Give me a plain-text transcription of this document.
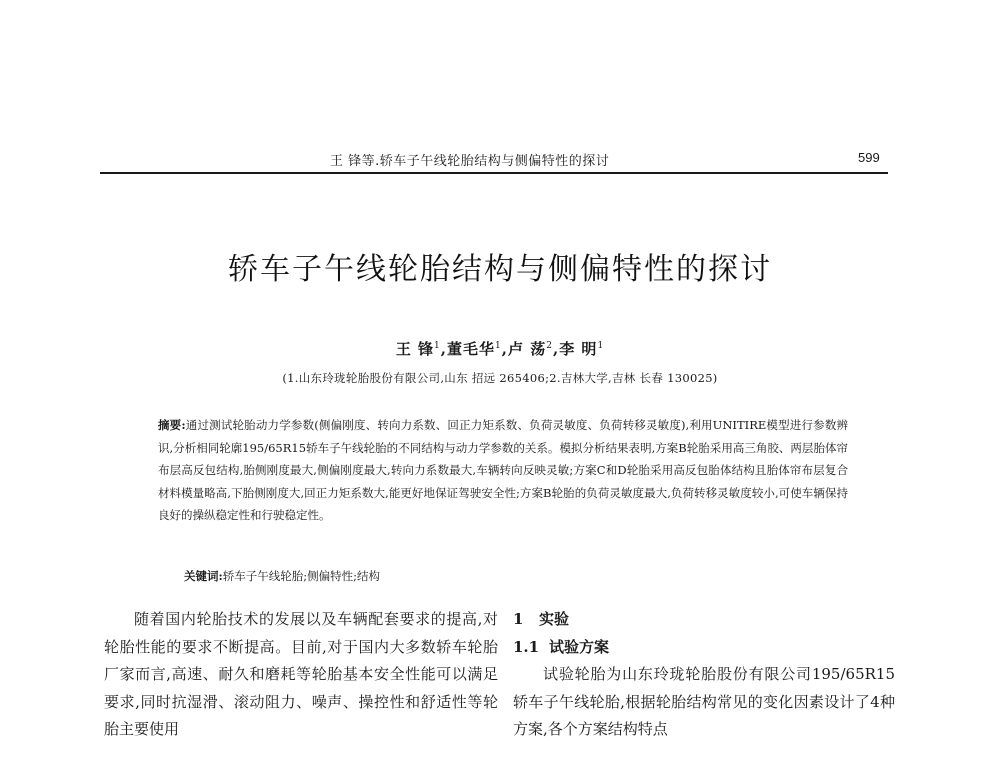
王 锋等.轿车子午线轮胎结构与侧偏特性的探讨	599
轿车子午线轮胎结构与侧偏特性的探讨
王 锋$^1$,董毛华$^1$,卢 荡$^2$,李 明$^1$
(1.山东玲珑轮胎股份有限公司,山东 招远 265406;2.吉林大学,吉林 长春 130025)
摘要:通过测试轮胎动力学参数(侧偏刚度、转向力系数、回正力矩系数、负荷灵敏度、负荷转移灵敏度),利用UNITIRE模型进行参数辨识,分析相同轮廓195/65R15轿车子午线轮胎的不同结构与动力学参数的关系。模拟分析结果表明,方案B轮胎采用高三角胶、两层胎体帘布层高反包结构,胎侧刚度最大,侧偏刚度最大,转向力系数最大,车辆转向反映灵敏;方案C和D轮胎采用高反包胎体结构且胎体帘布层复合材料模量略高,下胎侧刚度大,回正力矩系数大,能更好地保证驾驶安全性;方案B轮胎的负荷灵敏度最大,负荷转移灵敏度较小,可使车辆保持良好的操纵稳定性和行驶稳定性。
关键词:轿车子午线轮胎;侧偏特性;结构

随着国内轮胎技术的发展以及车辆配套要求的提高,对轮胎性能的要求不断提高。目前,对于国内大多数轿车轮胎厂家而言,高速、耐久和磨耗等轮胎基本安全性能可以满足要求,同时抗湿滑、滚动阻力、噪声、操控性和舒适性等轮胎主要使用

1 实验
1.1 试验方案

试验轮胎为山东玲珑轮胎股份有限公司195/65R15轿车子午线轮胎,根据轮胎结构常见的变化因素设计了4种方案,各个方案结构特点
